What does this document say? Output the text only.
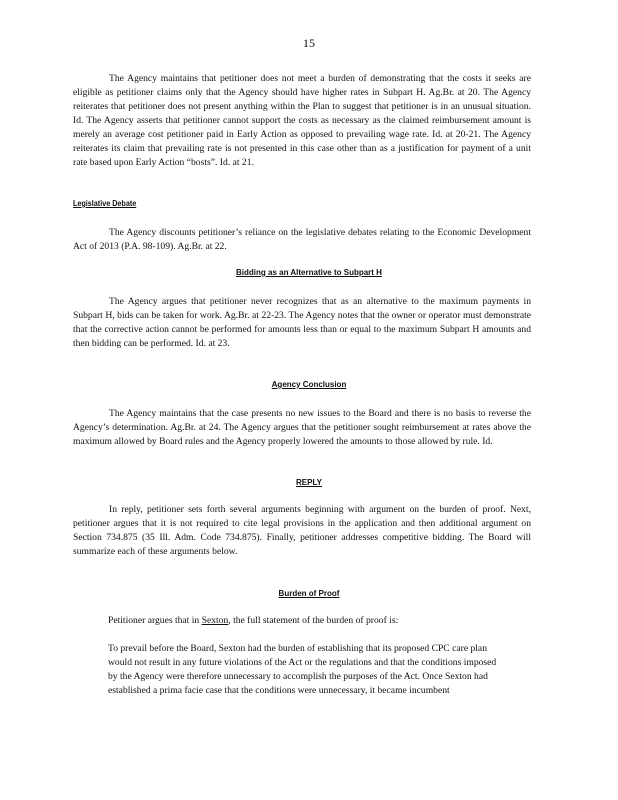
15

The Agency maintains that petitioner does not meet a burden of demonstrating that the costs it seeks are eligible as petitioner claims only that the Agency should have higher rates in Subpart H. Ag.Br. at 20. The Agency reiterates that petitioner does not present anything within the Plan to suggest that petitioner is in an unusual situation. Id. The Agency asserts that petitioner cannot support the costs as necessary as the claimed reimbursement amount is merely an average cost petitioner paid in Early Action as opposed to prevailing wage rate. Id. at 20-21. The Agency reiterates its claim that prevailing rate is not presented in this case other than as a justification for payment of a unit rate based upon Early Action “bosts”. Id. at 21.

Legislative Debate

The Agency discounts petitioner’s reliance on the legislative debates relating to the Economic Development Act of 2013 (P.A. 98-109). Ag.Br. at 22.

Bidding as an Alternative to Subpart H

The Agency argues that petitioner never recognizes that as an alternative to the maximum payments in Subpart H, bids can be taken for work. Ag.Br. at 22-23. The Agency notes that the owner or operator must demonstrate that the corrective action cannot be performed for amounts less than or equal to the maximum Subpart H amounts and then bidding can be performed. Id. at 23.

Agency Conclusion

The Agency maintains that the case presents no new issues to the Board and there is no basis to reverse the Agency’s determination. Ag.Br. at 24. The Agency argues that the petitioner sought reimbursement at rates above the maximum allowed by Board rules and the Agency properly lowered the amounts to those allowed by rule. Id.

REPLY

In reply, petitioner sets forth several arguments beginning with argument on the burden of proof. Next, petitioner argues that it is not required to cite legal provisions in the application and then additional argument on Section 734.875 (35 Ill. Adm. Code 734.875). Finally, petitioner addresses competitive bidding. The Board will summarize each of these arguments below.

Burden of Proof

Petitioner argues that in Sexton, the full statement of the burden of proof is:

To prevail before the Board, Sexton had the burden of establishing that its proposed CPC care plan would not result in any future violations of the Act or the regulations and that the conditions imposed by the Agency were therefore unnecessary to accomplish the purposes of the Act. Once Sexton had established a prima facie case that the conditions were unnecessary, it became incumbent
